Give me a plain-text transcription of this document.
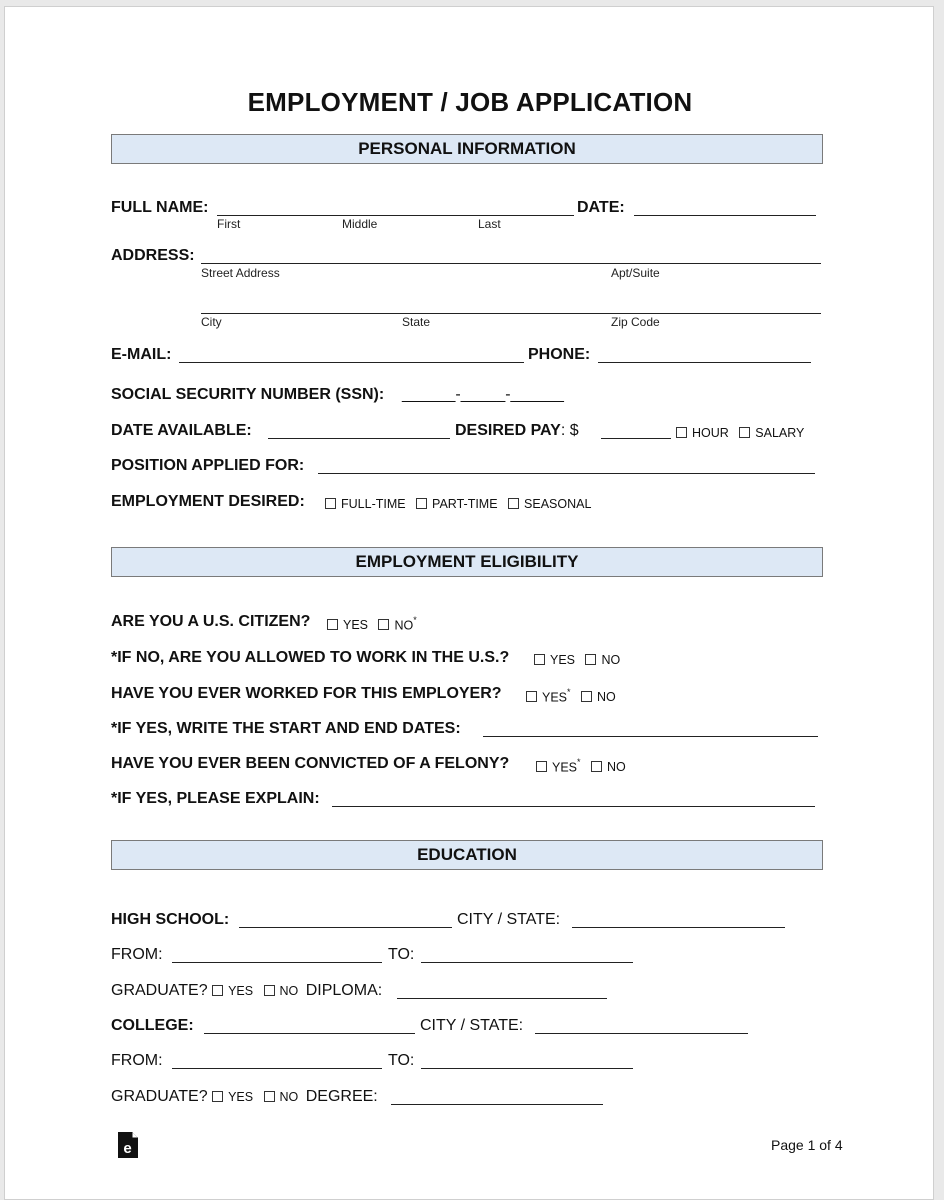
EMPLOYMENT / JOB APPLICATION
PERSONAL INFORMATION
FULL NAME:	DATE:
First	Middle	Last
ADDRESS:
Street Address	Apt/Suite
City	State	Zip Code
E-MAIL:	PHONE:
SOCIAL SECURITY NUMBER (SSN): ______-_____-______
DATE AVAILABLE:	DESIRED PAY: $	HOUR SALARY
POSITION APPLIED FOR:
EMPLOYMENT DESIRED:	FULL-TIME PART-TIME SEASONAL
EMPLOYMENT ELIGIBILITY
ARE YOU A U.S. CITIZEN?	YES NO*
*IF NO, ARE YOU ALLOWED TO WORK IN THE U.S.?	YES NO
HAVE YOU EVER WORKED FOR THIS EMPLOYER?	YES* NO
*IF YES, WRITE THE START AND END DATES:
HAVE YOU EVER BEEN CONVICTED OF A FELONY?	YES* NO
*IF YES, PLEASE EXPLAIN:
EDUCATION
HIGH SCHOOL:	CITY / STATE:
FROM:	TO:
GRADUATE? YES NO DIPLOMA:
COLLEGE:	CITY / STATE:
FROM:	TO:
GRADUATE? YES NO DEGREE:
e	Page 1 of 4
